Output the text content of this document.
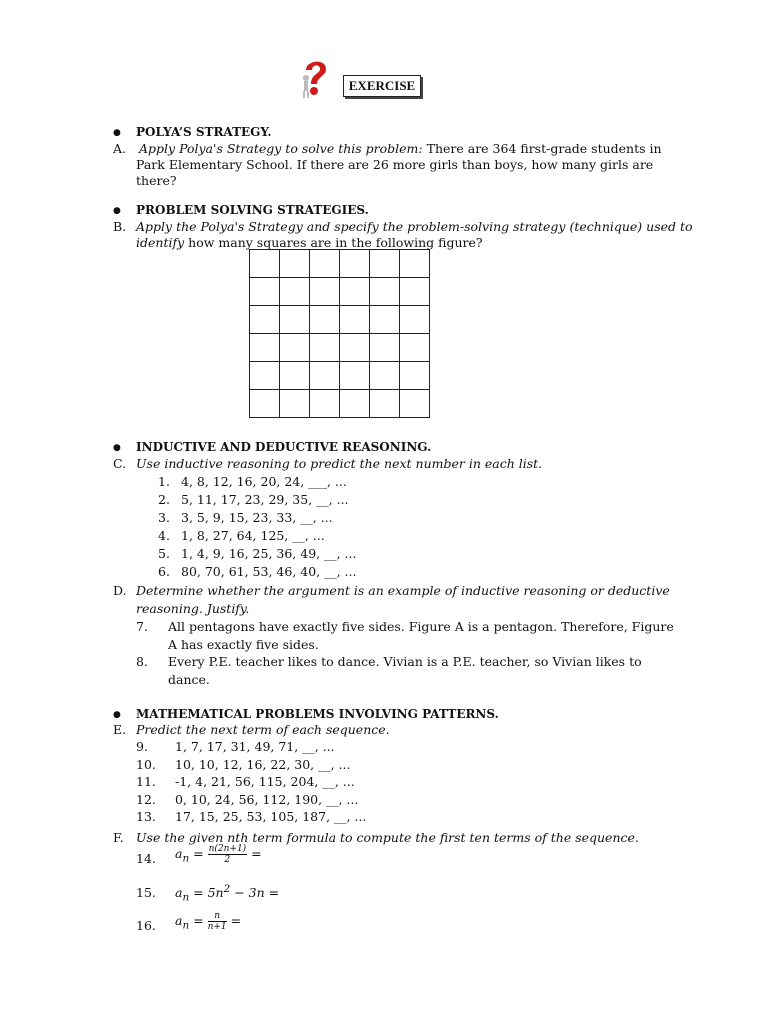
EXERCISE
● POLYA’S STRATEGY.
A. Apply Polya's Strategy to solve this problem: There are 364 first-grade students in
Park Elementary School. If there are 26 more girls than boys, how many girls are
there?
● PROBLEM SOLVING STRATEGIES.
B. Apply the Polya's Strategy and specify the problem-solving strategy (technique) used to
identify how many squares are in the following figure?

● INDUCTIVE AND DEDUCTIVE REASONING.
C. Use inductive reasoning to predict the next number in each list.
1. 4, 8, 12, 16, 20, 24, ___, ...
2. 5, 11, 17, 23, 29, 35, __, ...
3. 3, 5, 9, 15, 23, 33, __, ...
4. 1, 8, 27, 64, 125, __, ...
5. 1, 4, 9, 16, 25, 36, 49, __, ...
6. 80, 70, 61, 53, 46, 40, __, ...
D. Determine whether the argument is an example of inductive reasoning or deductive
reasoning. Justify.
7.	All pentagons have exactly five sides. Figure A is a pentagon. Therefore, Figure
A has exactly five sides.
8.	Every P.E. teacher likes to dance. Vivian is a P.E. teacher, so Vivian likes to
dance.
● MATHEMATICAL PROBLEMS INVOLVING PATTERNS.
E. Predict the next term of each sequence.
9. 1, 7, 17, 31, 49, 71, __, ...
10. 10, 10, 12, 16, 22, 30, __, ...
11. -1, 4, 21, 56, 115, 204, __, ...
12. 0, 10, 24, 56, 112, 190, __, ...
13. 17, 15, 25, 53, 105, 187, __, ...
F. Use the given nth term formula to compute the first ten terms of the sequence.
14. $a_n = \frac{n(2n+1)}{2}$ =
15. $a_n = 5n^2 - 3n$ =
16. $a_n = \frac{n}{n+1}$ =
